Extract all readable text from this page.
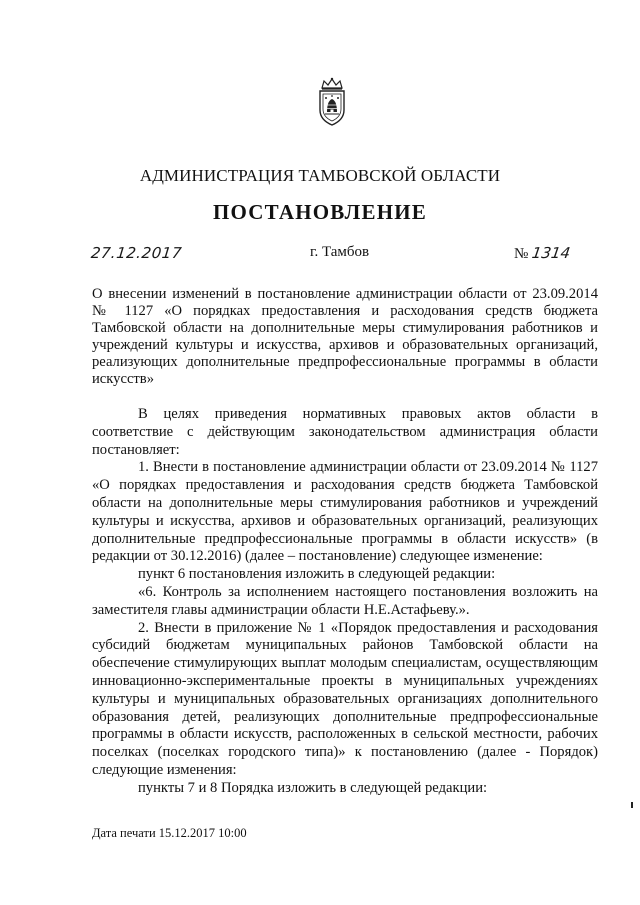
АДМИНИСТРАЦИЯ ТАМБОВСКОЙ ОБЛАСТИ
ПОСТАНОВЛЕНИЕ
27.12.2017	г. Тамбов	№ 1314
О внесении изменений в постановление администрации области от 23.09.2014 № 1127 «О порядках предоставления и расходования средств бюджета Тамбовской области на дополнительные меры стимулирования работников и учреждений культуры и искусства, архивов и образовательных организаций, реализующих дополнительные предпрофессиональные программы в области искусств»

В целях приведения нормативных правовых актов области в соответствие с действующим законодательством администрация области постановляет:

1. Внести в постановление администрации области от 23.09.2014 № 1127 «О порядках предоставления и расходования средств бюджета Тамбовской области на дополнительные меры стимулирования работников и учреждений культуры и искусства, архивов и образовательных организаций, реализующих дополнительные предпрофессиональные программы в области искусств» (в редакции от 30.12.2016) (далее – постановление) следующее изменение:

пункт 6 постановления изложить в следующей редакции:

«6. Контроль за исполнением настоящего постановления возложить на заместителя главы администрации области Н.Е.Астафьеву.».

2. Внести в приложение № 1 «Порядок предоставления и расходования субсидий бюджетам муниципальных районов Тамбовской области на обеспечение стимулирующих выплат молодым специалистам, осуществляющим инновационно-экспериментальные проекты в муниципальных учреждениях культуры и муниципальных образовательных организациях дополнительного образования детей, реализующих дополнительные предпрофессиональные программы в области искусств, расположенных в сельской местности, рабочих поселках (поселках городского типа)» к постановлению (далее - Порядок) следующие изменения:

пункты 7 и 8 Порядка изложить в следующей редакции:

Дата печати 15.12.2017 10:00
